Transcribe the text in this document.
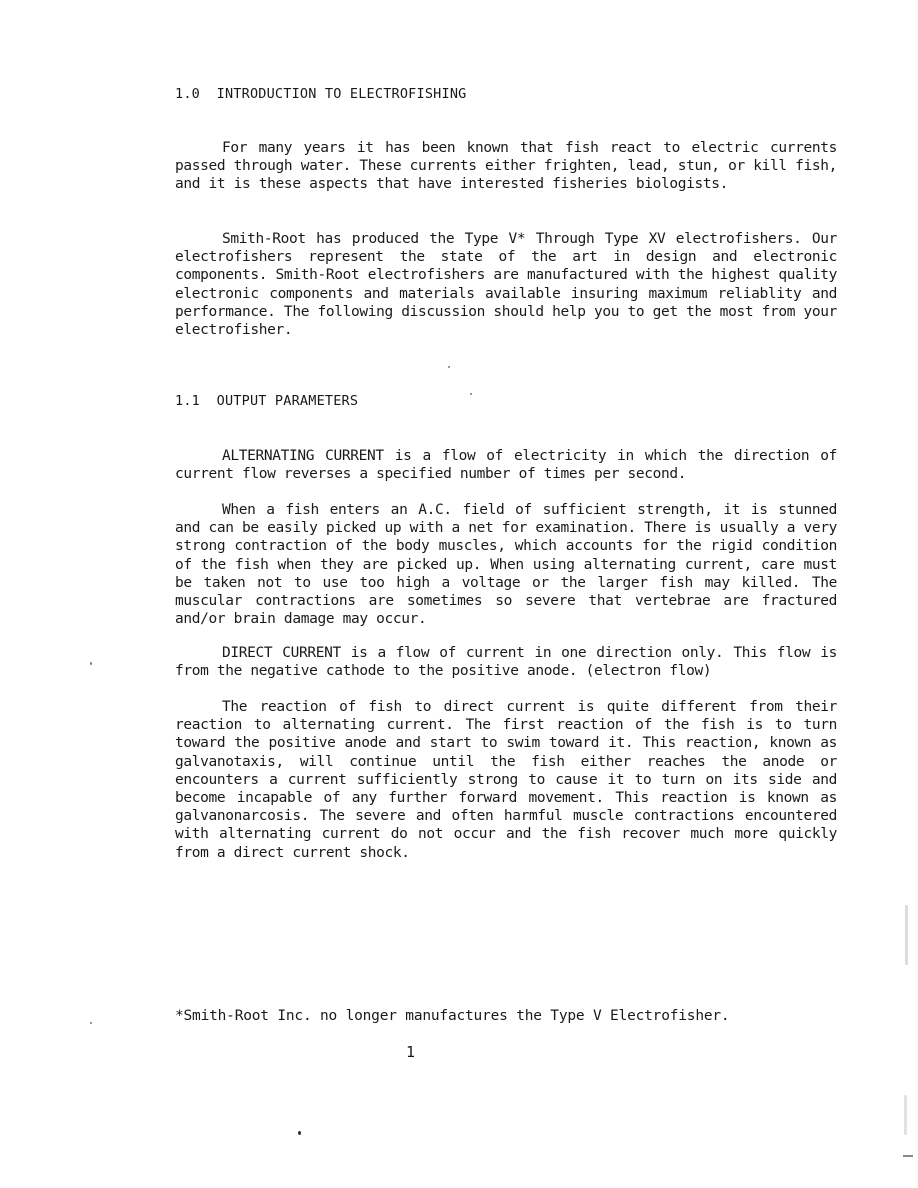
1.0  INTRODUCTION TO ELECTROFISHING

For many years it has been known that fish react to electric currents passed through water. These currents either frighten, lead, stun, or kill fish, and it is these aspects that have interested fisheries biologists.

Smith-Root has produced the Type V* Through Type XV electrofishers. Our electrofishers represent the state of the art in design and electronic components. Smith-Root electrofishers are manufactured with the highest quality electronic components and materials available insuring maximum reliablity and performance. The following discussion should help you to get the most from your electrofisher.

1.1  OUTPUT PARAMETERS

ALTERNATING CURRENT is a flow of electricity in which the direction of current flow reverses a specified number of times per second.

When a fish enters an A.C. field of sufficient strength, it is stunned and can be easily picked up with a net for examination. There is usually a very strong contraction of the body muscles, which accounts for the rigid condition of the fish when they are picked up. When using alternating current, care must be taken not to use too high a voltage or the larger fish may killed. The muscular contractions are sometimes so severe that vertebrae are fractured and/or brain damage may occur.

DIRECT CURRENT is a flow of current in one direction only. This flow is from the negative cathode to the positive anode. (electron flow)

The reaction of fish to direct current is quite different from their reaction to alternating current. The first reaction of the fish is to turn toward the positive anode and start to swim toward it. This reaction, known as galvanotaxis, will continue until the fish either reaches the anode or encounters a current sufficiently strong to cause it to turn on its side and become incapable of any further forward movement. This reaction is known as galvanonarcosis. The severe and often harmful muscle contractions encountered with alternating current do not occur and the fish recover much more quickly from a direct current shock.

*Smith-Root Inc. no longer manufactures the Type V Electrofisher.
1
